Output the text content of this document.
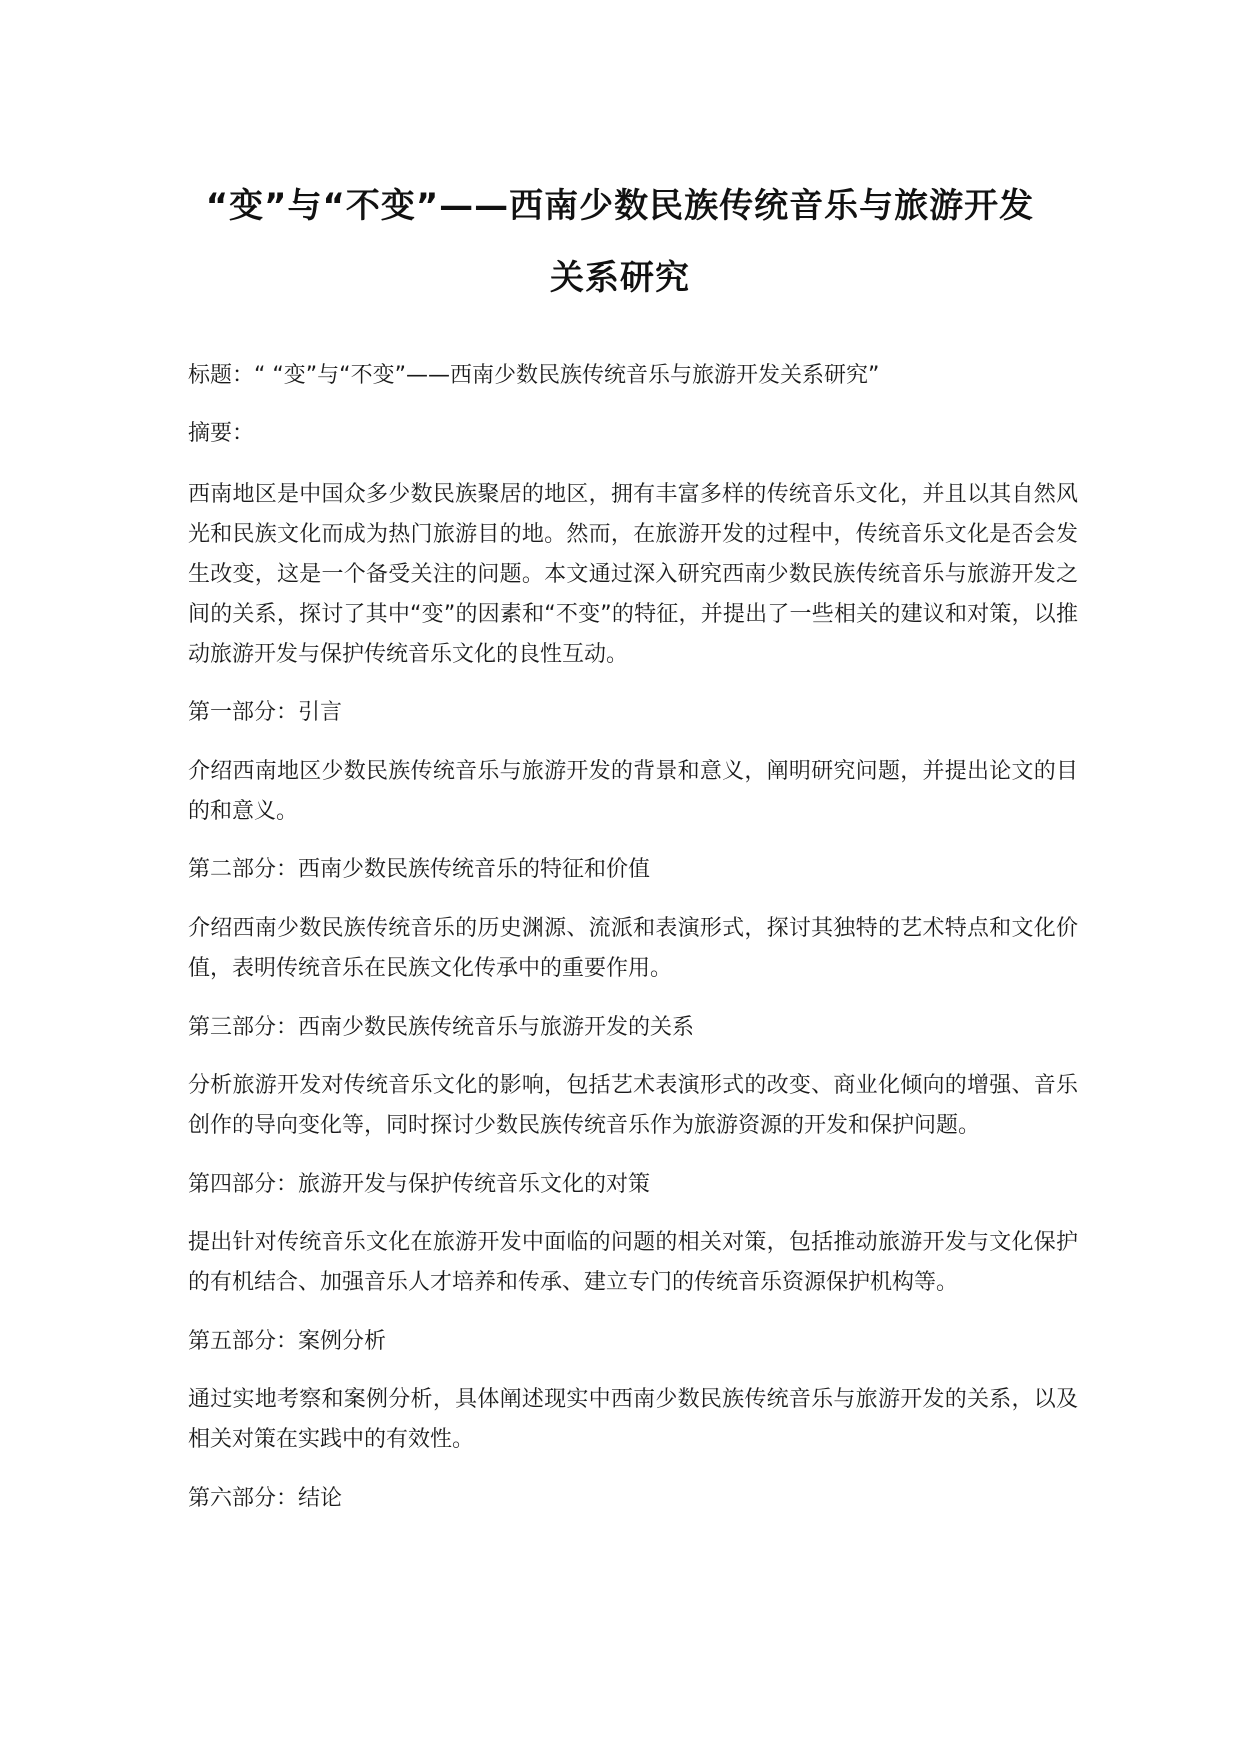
“变”与“不变”——西南少数民族传统音乐与旅游开发
关系研究

标题：“ “变”与“不变”——西南少数民族传统音乐与旅游开发关系研究”

摘要：

西南地区是中国众多少数民族聚居的地区，拥有丰富多样的传统音乐文化，并且以其自然风光和民族文化而成为热门旅游目的地。然而，在旅游开发的过程中，传统音乐文化是否会发生改变，这是一个备受关注的问题。本文通过深入研究西南少数民族传统音乐与旅游开发之间的关系，探讨了其中“变”的因素和“不变”的特征，并提出了一些相关的建议和对策，以推动旅游开发与保护传统音乐文化的良性互动。

第一部分：引言

介绍西南地区少数民族传统音乐与旅游开发的背景和意义，阐明研究问题，并提出论文的目的和意义。

第二部分：西南少数民族传统音乐的特征和价值

介绍西南少数民族传统音乐的历史渊源、流派和表演形式，探讨其独特的艺术特点和文化价值，表明传统音乐在民族文化传承中的重要作用。

第三部分：西南少数民族传统音乐与旅游开发的关系

分析旅游开发对传统音乐文化的影响，包括艺术表演形式的改变、商业化倾向的增强、音乐创作的导向变化等，同时探讨少数民族传统音乐作为旅游资源的开发和保护问题。

第四部分：旅游开发与保护传统音乐文化的对策

提出针对传统音乐文化在旅游开发中面临的问题的相关对策，包括推动旅游开发与文化保护的有机结合、加强音乐人才培养和传承、建立专门的传统音乐资源保护机构等。

第五部分：案例分析

通过实地考察和案例分析，具体阐述现实中西南少数民族传统音乐与旅游开发的关系，以及相关对策在实践中的有效性。

第六部分：结论
